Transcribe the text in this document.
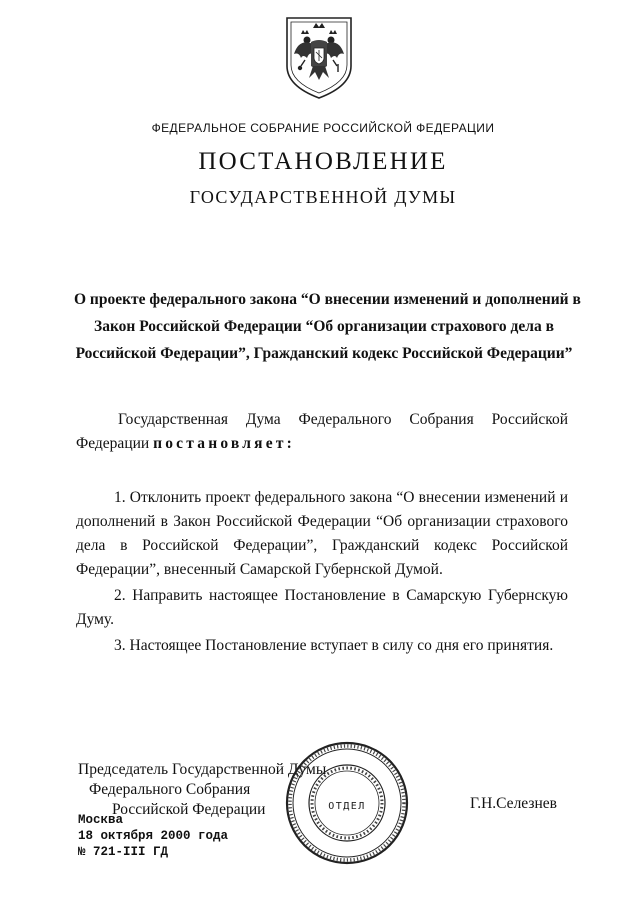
ФЕДЕРАЛЬНОЕ СОБРАНИЕ РОССИЙСКОЙ ФЕДЕРАЦИИ
ПОСТАНОВЛЕНИЕ
ГОСУДАРСТВЕННОЙ ДУМЫ
О проекте федерального закона “О внесении изменений и дополнений в
Закон Российской Федерации “Об организации страхового дела в
Российской Федерации”, Гражданский кодекс Российской Федерации”
Государственная Дума Федерального Собрания Российской Федерации постановляет:
1. Отклонить проект федерального закона “О внесении изменений и дополнений в Закон Российской Федерации “Об организации страхового дела в Российской Федерации”, Гражданский кодекс Российской Федерации”, внесенный Самарской Губернской Думой.
2. Направить настоящее Постановление в Самарскую Губернскую Думу.
3. Настоящее Постановление вступает в силу со дня его принятия.
Председатель Государственной Думы
Федерального Собрания
Российской Федерации	ОТДЕЛ	Г.Н.Селезнев
Москва
18 октября 2000 года
№ 721-III ГД
